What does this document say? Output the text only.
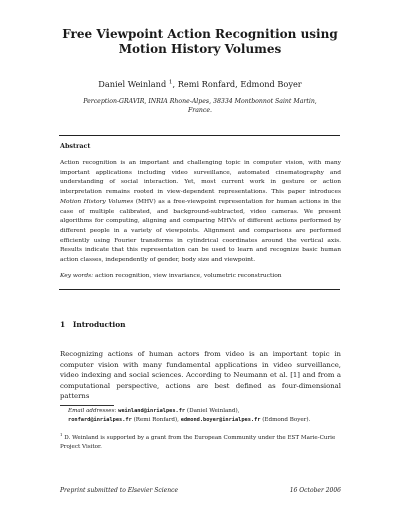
Free Viewpoint Action Recognition using
Motion History Volumes
Daniel Weinland $^1$, Remi Ronfard, Edmond Boyer
Perception-GRAVIR, INRIA Rhone-Alpes, 38334 Montbonnot Saint Martin,
France.
Abstract
Action recognition is an important and challenging topic in computer vision, with many important applications including video surveillance, automated cinematography and understanding of social interaction. Yet, most current work in gesture or action interpretation remains rooted in view-dependent representations. This paper introduces Motion History Volumes (MHV) as a free-viewpoint representation for human actions in the case of multiple calibrated, and background-subtracted, video cameras. We present algorithms for computing, aligning and comparing MHVs of different actions performed by different people in a variety of viewpoints. Alignment and comparisons are performed efficiently using Fourier transforms in cylindrical coordinates around the vertical axis. Results indicate that this representation can be used to learn and recognize basic human action classes, independently of gender, body size and viewpoint.
Key words: action recognition, view invariance, volumetric reconstruction
1 Introduction
Recognizing actions of human actors from video is an important topic in computer vision with many fundamental applications in video surveillance, video indexing and social sciences. According to Neumann et al. [1] and from a computational perspective, actions are best defined as four-dimensional patterns
Email addresses: weinland@inrialpes.fr (Daniel Weinland),
ronfard@inrialpes.fr (Remi Ronfard), edmond.boyer@inrialpes.fr (Edmond Boyer).
$^1$ D. Weinland is supported by a grant from the European Community under the EST Marie-Curie Project Visitor.
Preprint submitted to Elsevier Science	16 October 2006
